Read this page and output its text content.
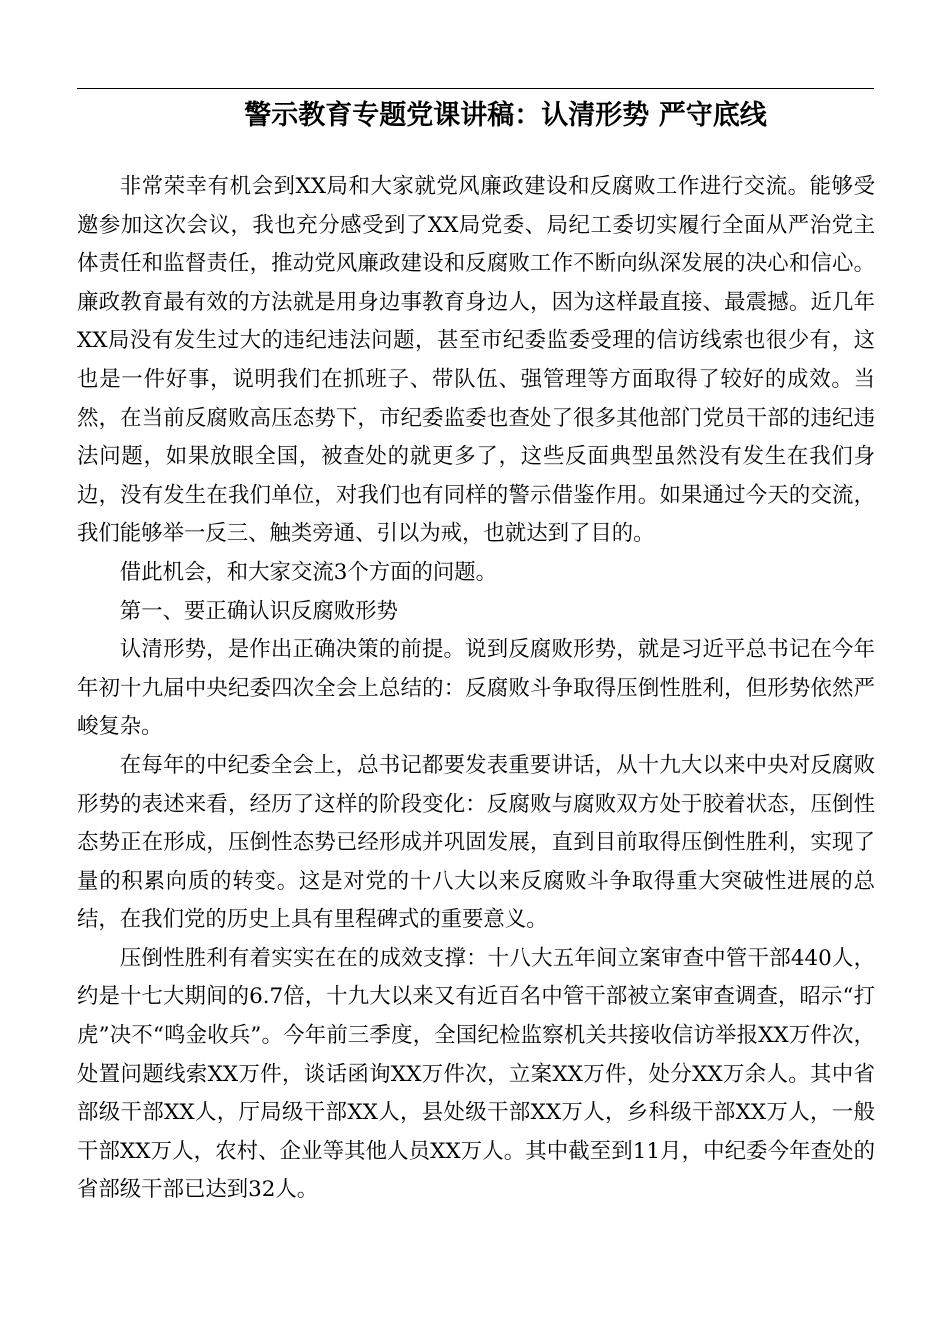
警示教育专题党课讲稿：认清形势 严守底线

非常荣幸有机会到XX局和大家就党风廉政建设和反腐败工作进行交流。能够受邀参加这次会议，我也充分感受到了XX局党委、局纪工委切实履行全面从严治党主体责任和监督责任，推动党风廉政建设和反腐败工作不断向纵深发展的决心和信心。廉政教育最有效的方法就是用身边事教育身边人，因为这样最直接、最震撼。近几年XX局没有发生过大的违纪违法问题，甚至市纪委监委受理的信访线索也很少有，这也是一件好事，说明我们在抓班子、带队伍、强管理等方面取得了较好的成效。当然，在当前反腐败高压态势下，市纪委监委也查处了很多其他部门党员干部的违纪违法问题，如果放眼全国，被查处的就更多了，这些反面典型虽然没有发生在我们身边，没有发生在我们单位，对我们也有同样的警示借鉴作用。如果通过今天的交流，我们能够举一反三、触类旁通、引以为戒，也就达到了目的。

借此机会，和大家交流3个方面的问题。

第一、要正确认识反腐败形势

认清形势，是作出正确决策的前提。说到反腐败形势，就是习近平总书记在今年年初十九届中央纪委四次全会上总结的：反腐败斗争取得压倒性胜利，但形势依然严峻复杂。

在每年的中纪委全会上，总书记都要发表重要讲话，从十九大以来中央对反腐败形势的表述来看，经历了这样的阶段变化：反腐败与腐败双方处于胶着状态，压倒性态势正在形成，压倒性态势已经形成并巩固发展，直到目前取得压倒性胜利，实现了量的积累向质的转变。这是对党的十八大以来反腐败斗争取得重大突破性进展的总结，在我们党的历史上具有里程碑式的重要意义。

压倒性胜利有着实实在在的成效支撑：十八大五年间立案审查中管干部440人，约是十七大期间的6.7倍，十九大以来又有近百名中管干部被立案审查调查，昭示“打虎”决不“鸣金收兵”。今年前三季度，全国纪检监察机关共接收信访举报XX万件次，处置问题线索XX万件，谈话函询XX万件次，立案XX万件，处分XX万余人。其中省部级干部XX人，厅局级干部XX人，县处级干部XX万人，乡科级干部XX万人，一般干部XX万人，农村、企业等其他人员XX万人。其中截至到11月，中纪委今年查处的省部级干部已达到32人。
